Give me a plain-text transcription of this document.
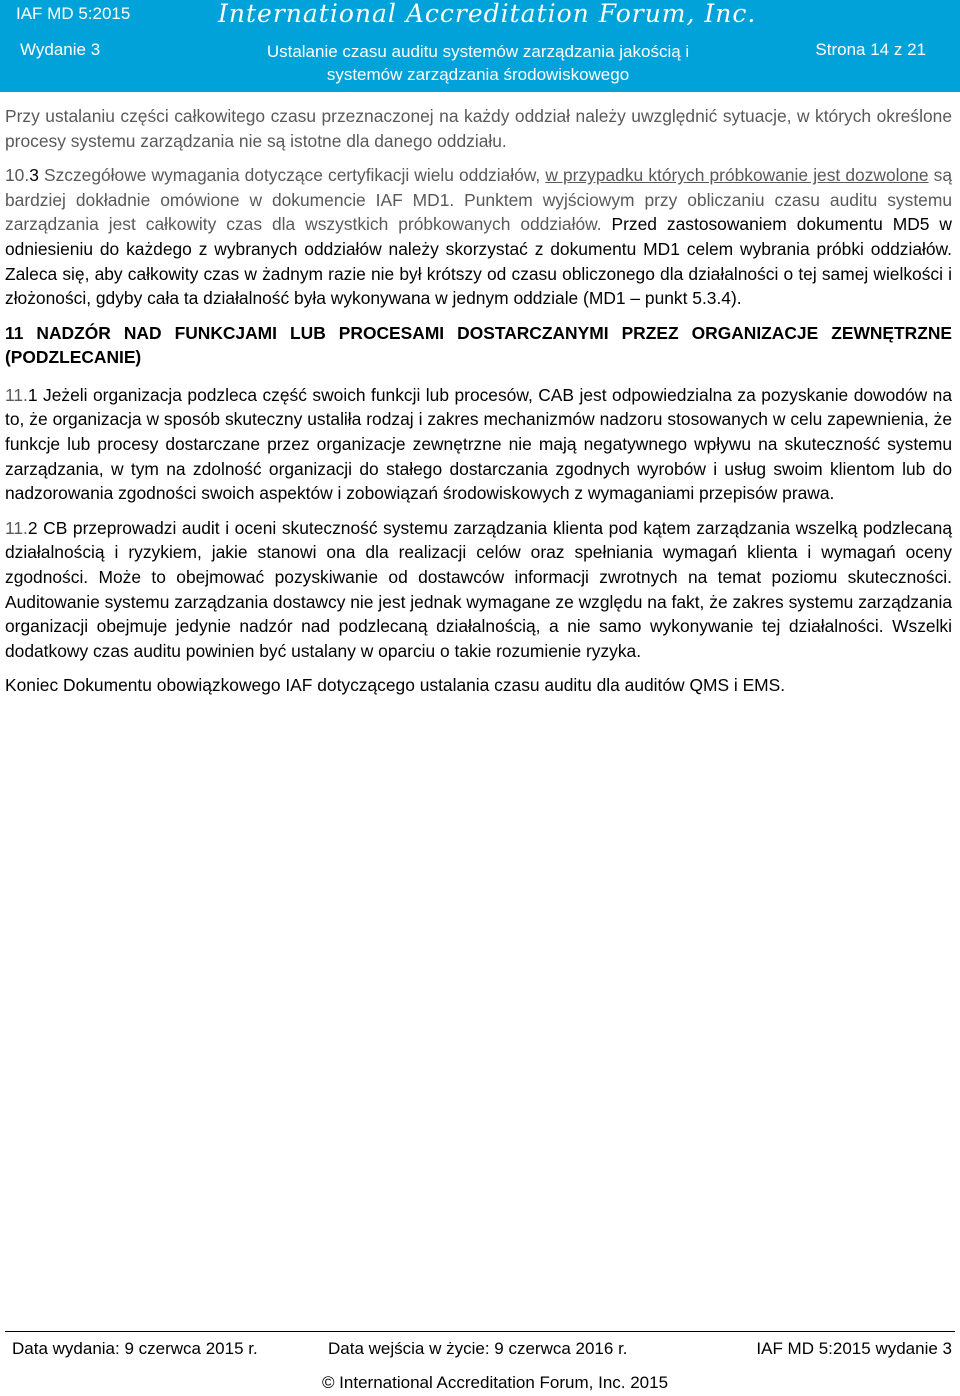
IAF MD 5:2015	International Accreditation Forum, Inc.
Wydanie 3	Ustalanie czasu auditu systemów zarządzania jakością i systemów zarządzania środowiskowego
Strona 14 z 21

Przy ustalaniu części całkowitego czasu przeznaczonej na każdy oddział należy uwzględnić sytuacje, w których określone procesy systemu zarządzania nie są istotne dla danego oddziału.

10.3 Szczegółowe wymagania dotyczące certyfikacji wielu oddziałów, w przypadku których próbkowanie jest dozwolone są bardziej dokładnie omówione w dokumencie IAF MD1. Punktem wyjściowym przy obliczaniu czasu auditu systemu zarządzania jest całkowity czas dla wszystkich próbkowanych oddziałów. Przed zastosowaniem dokumentu MD5 w odniesieniu do każdego z wybranych oddziałów należy skorzystać z dokumentu MD1 celem wybrania próbki oddziałów. Zaleca się, aby całkowity czas w żadnym razie nie był krótszy od czasu obliczonego dla działalności o tej samej wielkości i złożoności, gdyby cała ta działalność była wykonywana w jednym oddziale (MD1 – punkt 5.3.4).

11 NADZÓR NAD FUNKCJAMI LUB PROCESAMI DOSTARCZANYMI PRZEZ ORGANIZACJE ZEWNĘTRZNE (PODZLECANIE)

11.1 Jeżeli organizacja podzleca część swoich funkcji lub procesów, CAB jest odpowiedzialna za pozyskanie dowodów na to, że organizacja w sposób skuteczny ustaliła rodzaj i zakres mechanizmów nadzoru stosowanych w celu zapewnienia, że funkcje lub procesy dostarczane przez organizacje zewnętrzne nie mają negatywnego wpływu na skuteczność systemu zarządzania, w tym na zdolność organizacji do stałego dostarczania zgodnych wyrobów i usług swoim klientom lub do nadzorowania zgodności swoich aspektów i zobowiązań środowiskowych z wymaganiami przepisów prawa.

11.2 CB przeprowadzi audit i oceni skuteczność systemu zarządzania klienta pod kątem zarządzania wszelką podzlecaną działalnością i ryzykiem, jakie stanowi ona dla realizacji celów oraz spełniania wymagań klienta i wymagań oceny zgodności. Może to obejmować pozyskiwanie od dostawców informacji zwrotnych na temat poziomu skuteczności. Auditowanie systemu zarządzania dostawcy nie jest jednak wymagane ze względu na fakt, że zakres systemu zarządzania organizacji obejmuje jedynie nadzór nad podzlecaną działalnością, a nie samo wykonywanie tej działalności. Wszelki dodatkowy czas auditu powinien być ustalany w oparciu o takie rozumienie ryzyka.

Koniec Dokumentu obowiązkowego IAF dotyczącego ustalania czasu auditu dla auditów QMS i EMS.

Data wydania: 9 czerwca 2015 r.	Data wejścia w życie: 9 czerwca 2016 r.	IAF MD 5:2015 wydanie 3
© International Accreditation Forum, Inc. 2015
